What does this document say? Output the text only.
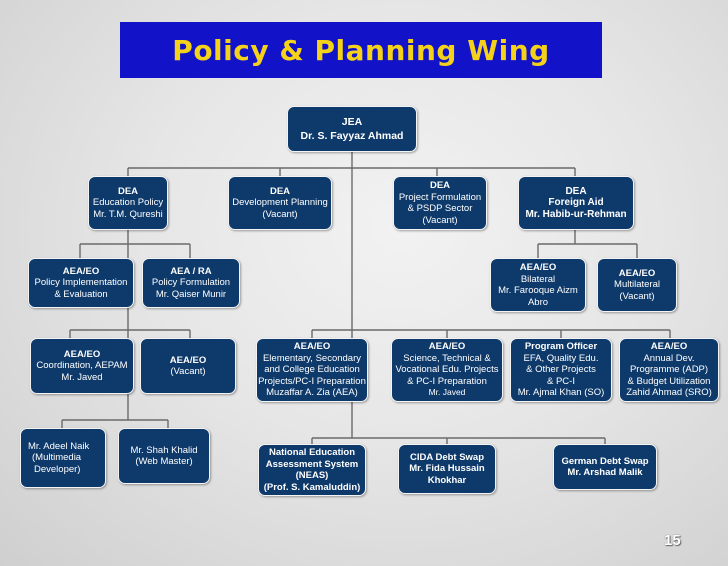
Policy & Planning Wing
JEA
Dr. S. Fayyaz Ahmad
DEA
Education Policy
Mr. T.M. Qureshi
DEA
Development Planning
(Vacant)
DEA
Project Formulation
& PSDP Sector
(Vacant)
DEA
Foreign Aid
Mr. Habib-ur-Rehman
AEA/EO
Policy Implementation
& Evaluation
AEA / RA
Policy Formulation
Mr. Qaiser Munir
AEA/EO
Bilateral
Mr. Farooque Aizm
Abro
AEA/EO
Multilateral
(Vacant)
AEA/EO
Coordination, AEPAM
Mr. Javed
AEA/EO
(Vacant)
AEA/EO
Elementary, Secondary
and College Education
Projects/PC-I Preparation
Muzaffar A. Zia (AEA)
AEA/EO
Science, Technical &
Vocational Edu. Projects
& PC-I Preparation
Mr. Javed
Program Officer
EFA, Quality Edu.
& Other Projects
& PC-I
Mr. Ajmal Khan (SO)
AEA/EO
Annual Dev.
Programme (ADP)
& Budget Utilization
Zahid Ahmad (SRO)
Mr. Adeel Naik
(Multimedia
Developer)
Mr. Shah Khalid
(Web Master)
National Education
Assessment System
(NEAS)
(Prof. S. Kamaluddin)
CIDA Debt Swap
Mr. Fida Hussain
Khokhar
German Debt Swap
Mr. Arshad Malik
15
